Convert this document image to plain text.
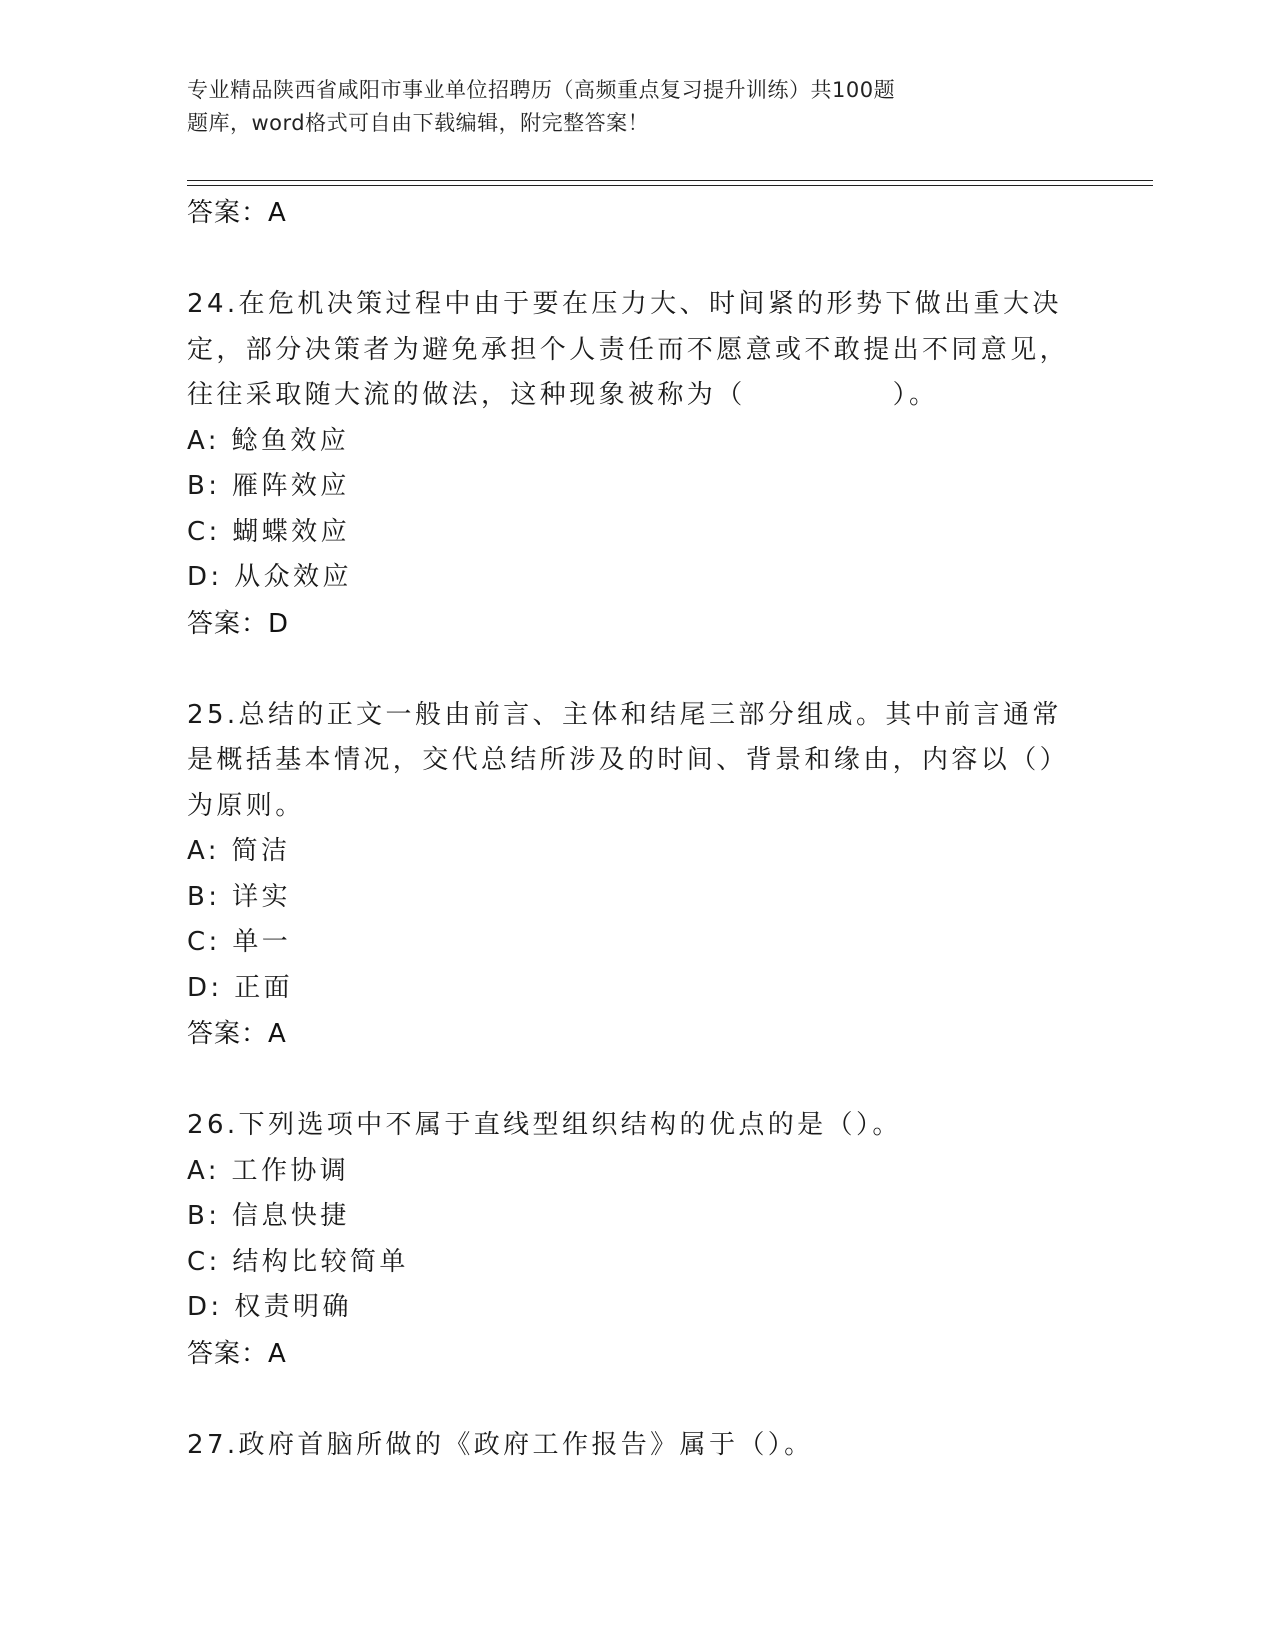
专业精品陕西省咸阳市事业单位招聘历（高频重点复习提升训练）共100题
题库，word格式可自由下载编辑，附完整答案！
答案：A
24.在危机决策过程中由于要在压力大、时间紧的形势下做出重大决定，部分决策者为避免承担个人责任而不愿意或不敢提出不同意见，往往采取随大流的做法，这种现象被称为（　　　　　）。
A: 鲶鱼效应
B: 雁阵效应
C: 蝴蝶效应
D: 从众效应
答案：D
25.总结的正文一般由前言、主体和结尾三部分组成。其中前言通常是概括基本情况，交代总结所涉及的时间、背景和缘由，内容以（）为原则。
A: 简洁
B: 详实
C: 单一
D: 正面
答案：A
26.下列选项中不属于直线型组织结构的优点的是（）。
A: 工作协调
B: 信息快捷
C: 结构比较简单
D: 权责明确
答案：A
27.政府首脑所做的《政府工作报告》属于（）。
